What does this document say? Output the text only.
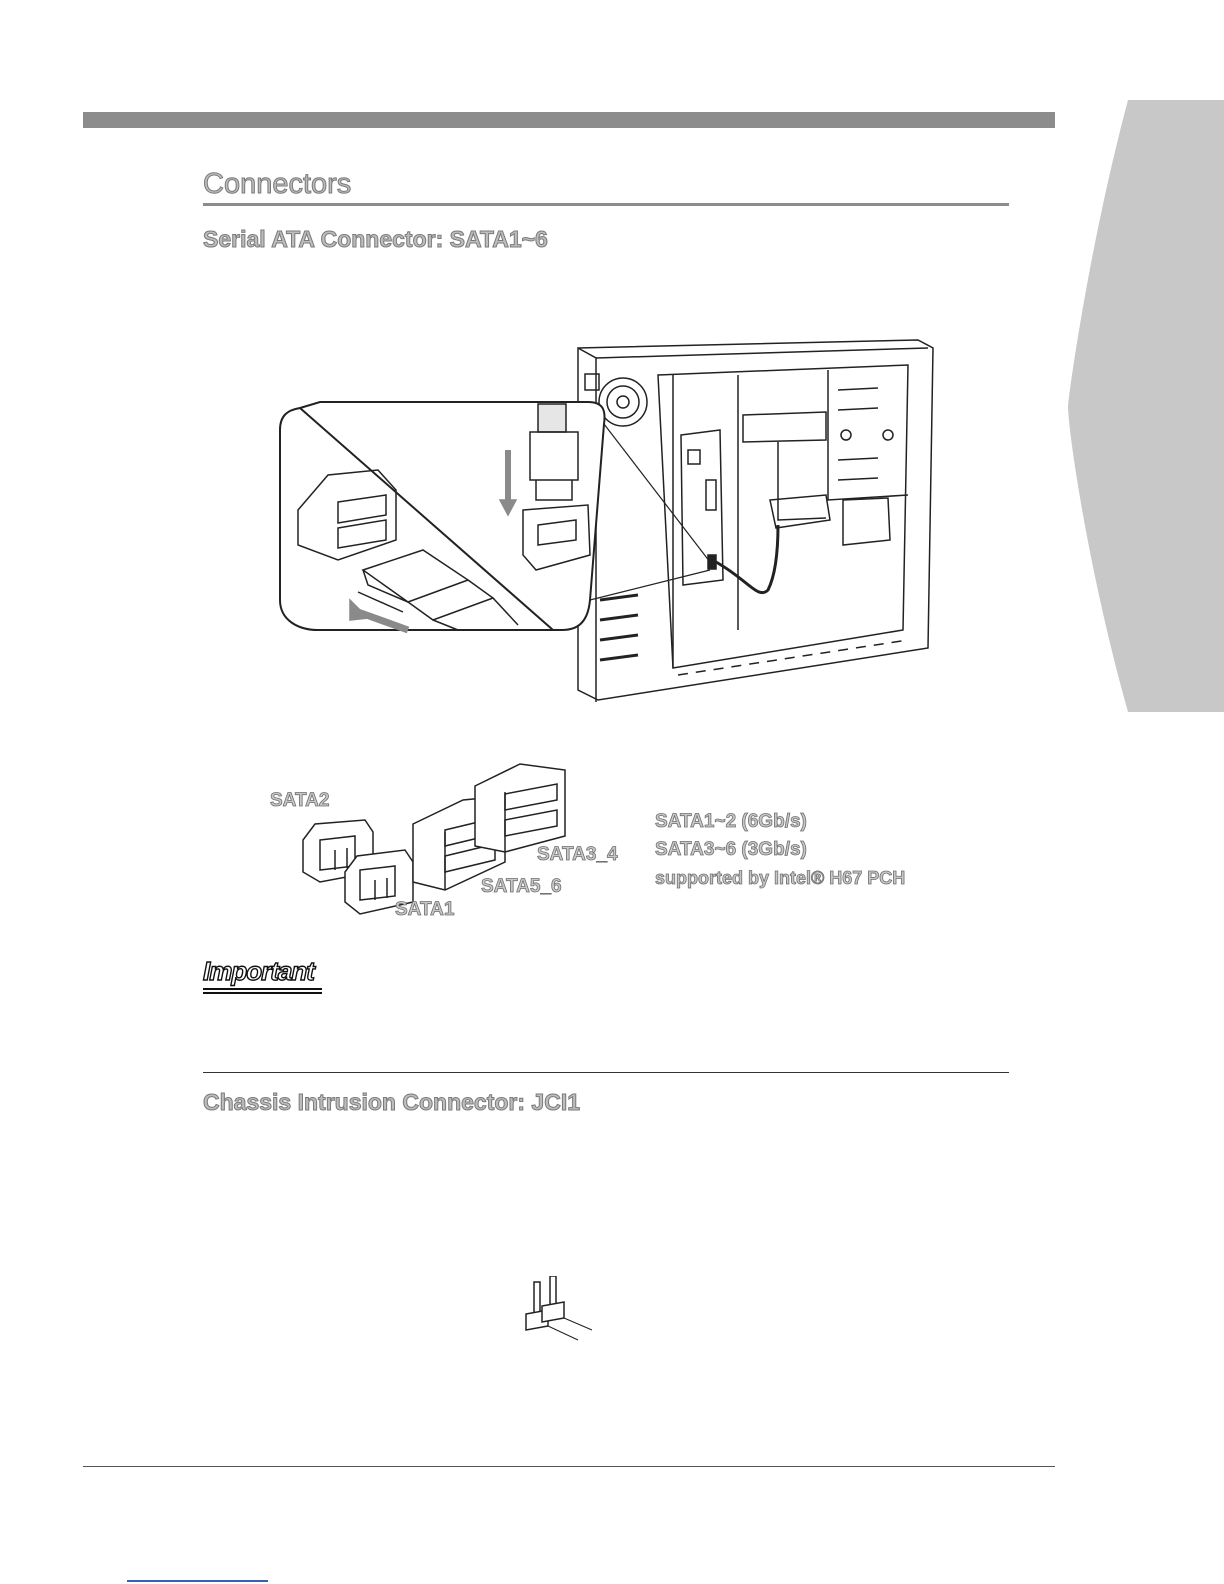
Connectors
Serial ATA Connector: SATA1~6
SATA2
SATA3_4
SATA5_6
SATA1
SATA1~2 (6Gb/s)
SATA3~6 (3Gb/s)
supported by Intel® H67 PCH
Important
Chassis Intrusion Connector: JCI1
